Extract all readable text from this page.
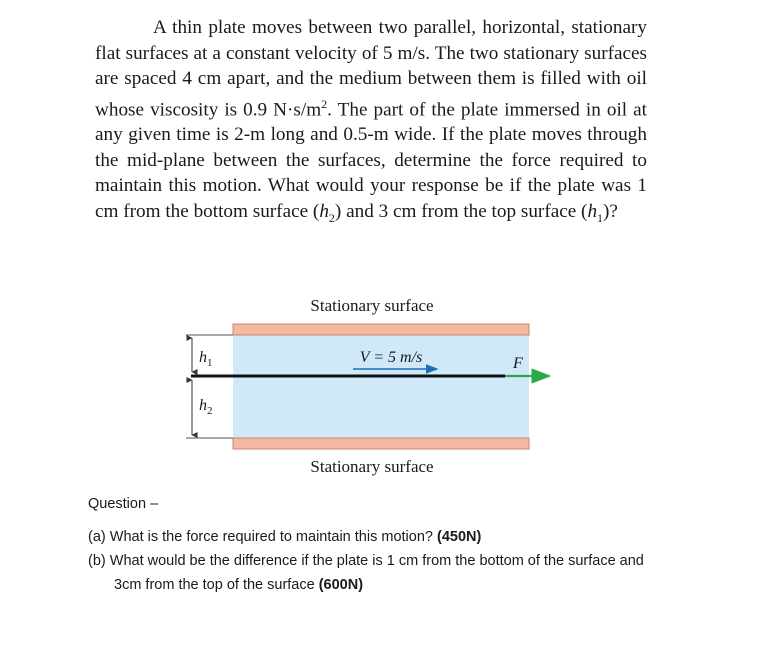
A thin plate moves between two parallel, horizontal, stationary flat surfaces at a constant velocity of 5 m/s. The two stationary surfaces are spaced 4 cm apart, and the medium between them is filled with oil whose viscosity is 0.9 $N\cdot s/m^2$. The part of the plate immersed in oil at any given time is 2-m long and 0.5-m wide. If the plate moves through the mid-plane between the surfaces, determine the force required to maintain this motion. What would your response be if the plate was 1 cm from the bottom surface $(h_2)$ and 3 cm from the top surface $(h_1)$?

Stationary surface
V = 5 m/s	F
$h_1$
$h_2$
Stationary surface

Question –

(a) What is the force required to maintain this motion? (450N)

(b) What would be the difference if the plate is 1 cm from the bottom of the surface and

3cm from the top of the surface (600N)
